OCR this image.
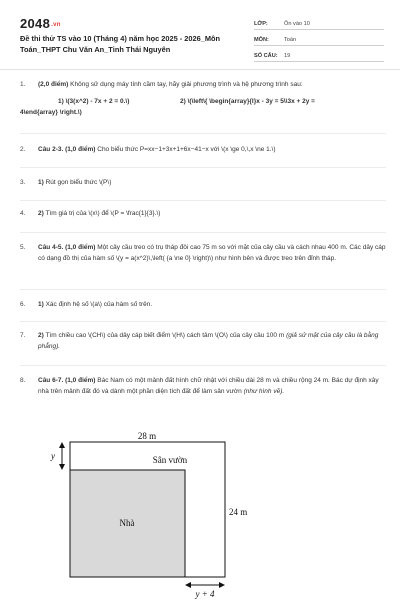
2048.vn
Đề thi thử TS vào 10 (Tháng 4) năm học 2025 - 2026_Môn Toán_THPT Chu Văn An_Tỉnh Thái Nguyên
LỚP:	Ôn vào 10
MÔN:	Toán
SỐ CÂU:	19
1.	(2,0 điểm) Không sử dụng máy tính cầm tay, hãy giải phương trình và hệ phương trình sau:
1) \(3(x^2) - 7x + 2 = 0.\)	2) \(\left\{ \begin{array}{l}x - 3y = 5\\3x + 2y =
4\end{array} \right.\)
2.	Câu 2-3. (1,0 điểm) Cho biểu thức P=xx−1+3x+1+6x−41−x với \(x \ge 0,\,x \ne 1.\)
3.	1) Rút gọn biểu thức \(P\)
4.	2) Tìm giá trị của \(x\) để \(P = \frac{1}{3}.\)
5.	Câu 4-5. (1,0 điểm) Một cây cầu treo có trụ tháp đôi cao 75 m so với mặt của cây cầu và cách nhau 400 m. Các dây cáp có dạng đồ thị của hàm số \(y = a(x^2)\,\left( {a \ne 0} \right)\) như hình bên và được treo trên đỉnh tháp.
6.	1) Xác định hệ số \(a\) của hàm số trên.
7.	2) Tìm chiều cao \(CH\) của dây cáp biết điểm \(H\) cách tâm \(O\) của cây cầu 100 m (giả sử mặt của cây cầu là bằng phẳng).
8.	Câu 6-7. (1,0 điểm) Bác Nam có một mảnh đất hình chữ nhật với chiều dài 28 m và chiều rộng 24 m. Bác dự định xây nhà trên mảnh đất đó và dành một phần diện tích đất để làm sân vườn (như hình vẽ).
28 m
24 m
y
y + 4
Sân vườn
Nhà
